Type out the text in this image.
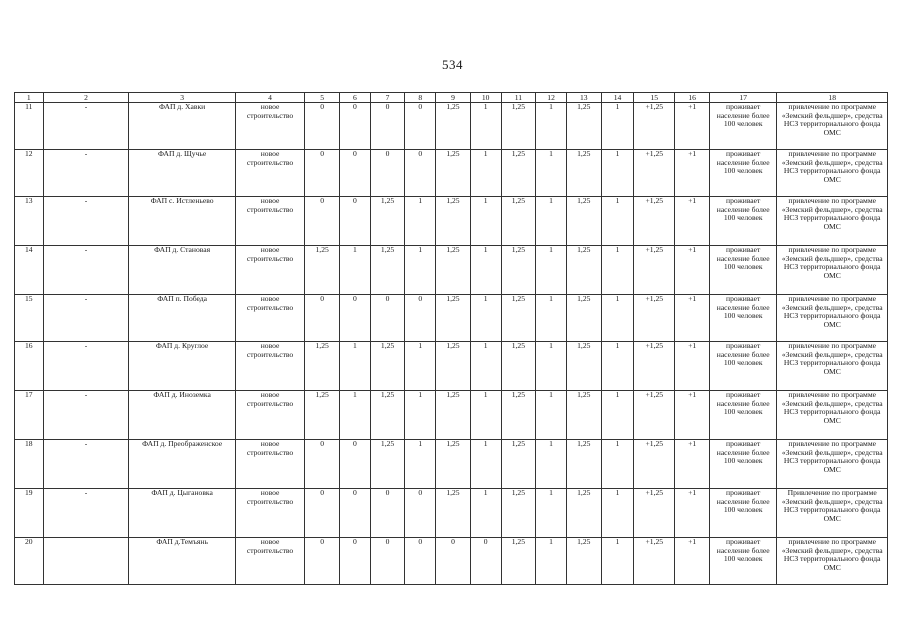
534
1	2	3	4	5	6	7	8	9	10	11	12	13	14	15	16	17	18
11	-	ФАП д. Хавки	новое строительство	0	0	0	0	1,25	1	1,25	1	1,25	1	+1,25	+1	проживает население более 100 человек	привлечение по программе «Земский фельдшер», средства НСЗ территориального фонда ОМС
12	-	ФАП д. Щучье	новое строительство	0	0	0	0	1,25	1	1,25	1	1,25	1	+1,25	+1	проживает население более 100 человек	привлечение по программе «Земский фельдшер», средства НСЗ территориального фонда ОМС
13	-	ФАП с. Истленьево	новое строительство	0	0	1,25	1	1,25	1	1,25	1	1,25	1	+1,25	+1	проживает население более 100 человек	привлечение по программе «Земский фельдшер», средства НСЗ территориального фонда ОМС
14	-	ФАП д. Становая	новое строительство	1,25	1	1,25	1	1,25	1	1,25	1	1,25	1	+1,25	+1	проживает население более 100 человек	привлечение по программе «Земский фельдшер», средства НСЗ территориального фонда ОМС
15	-	ФАП п. Победа	новое строительство	0	0	0	0	1,25	1	1,25	1	1,25	1	+1,25	+1	проживает население более 100 человек	привлечение по программе «Земский фельдшер», средства НСЗ территориального фонда ОМС
16	-	ФАП д. Круглое	новое строительство	1,25	1	1,25	1	1,25	1	1,25	1	1,25	1	+1,25	+1	проживает население более 100 человек	привлечение по программе «Земский фельдшер», средства НСЗ территориального фонда ОМС
17	-	ФАП д. Иноземка	новое строительство	1,25	1	1,25	1	1,25	1	1,25	1	1,25	1	+1,25	+1	проживает население более 100 человек	привлечение по программе «Земский фельдшер», средства НСЗ территориального фонда ОМС
18	-	ФАП д. Преображенское	новое строительство	0	0	1,25	1	1,25	1	1,25	1	1,25	1	+1,25	+1	проживает население более 100 человек	привлечение по программе «Земский фельдшер», средства НСЗ территориального фонда ОМС
19	-	ФАП д. Цыгановка	новое строительство	0	0	0	0	1,25	1	1,25	1	1,25	1	+1,25	+1	проживает население более 100 человек	Привлечение по программе «Земский фельдшер», средства НСЗ территориального фонда ОМС
20		ФАП д.Темъянь	новое строительство	0	0	0	0	0	0	1,25	1	1,25	1	+1,25	+1	проживает население более 100 человек	привлечение по программе «Земский фельдшер», средства НСЗ территориального фонда ОМС
